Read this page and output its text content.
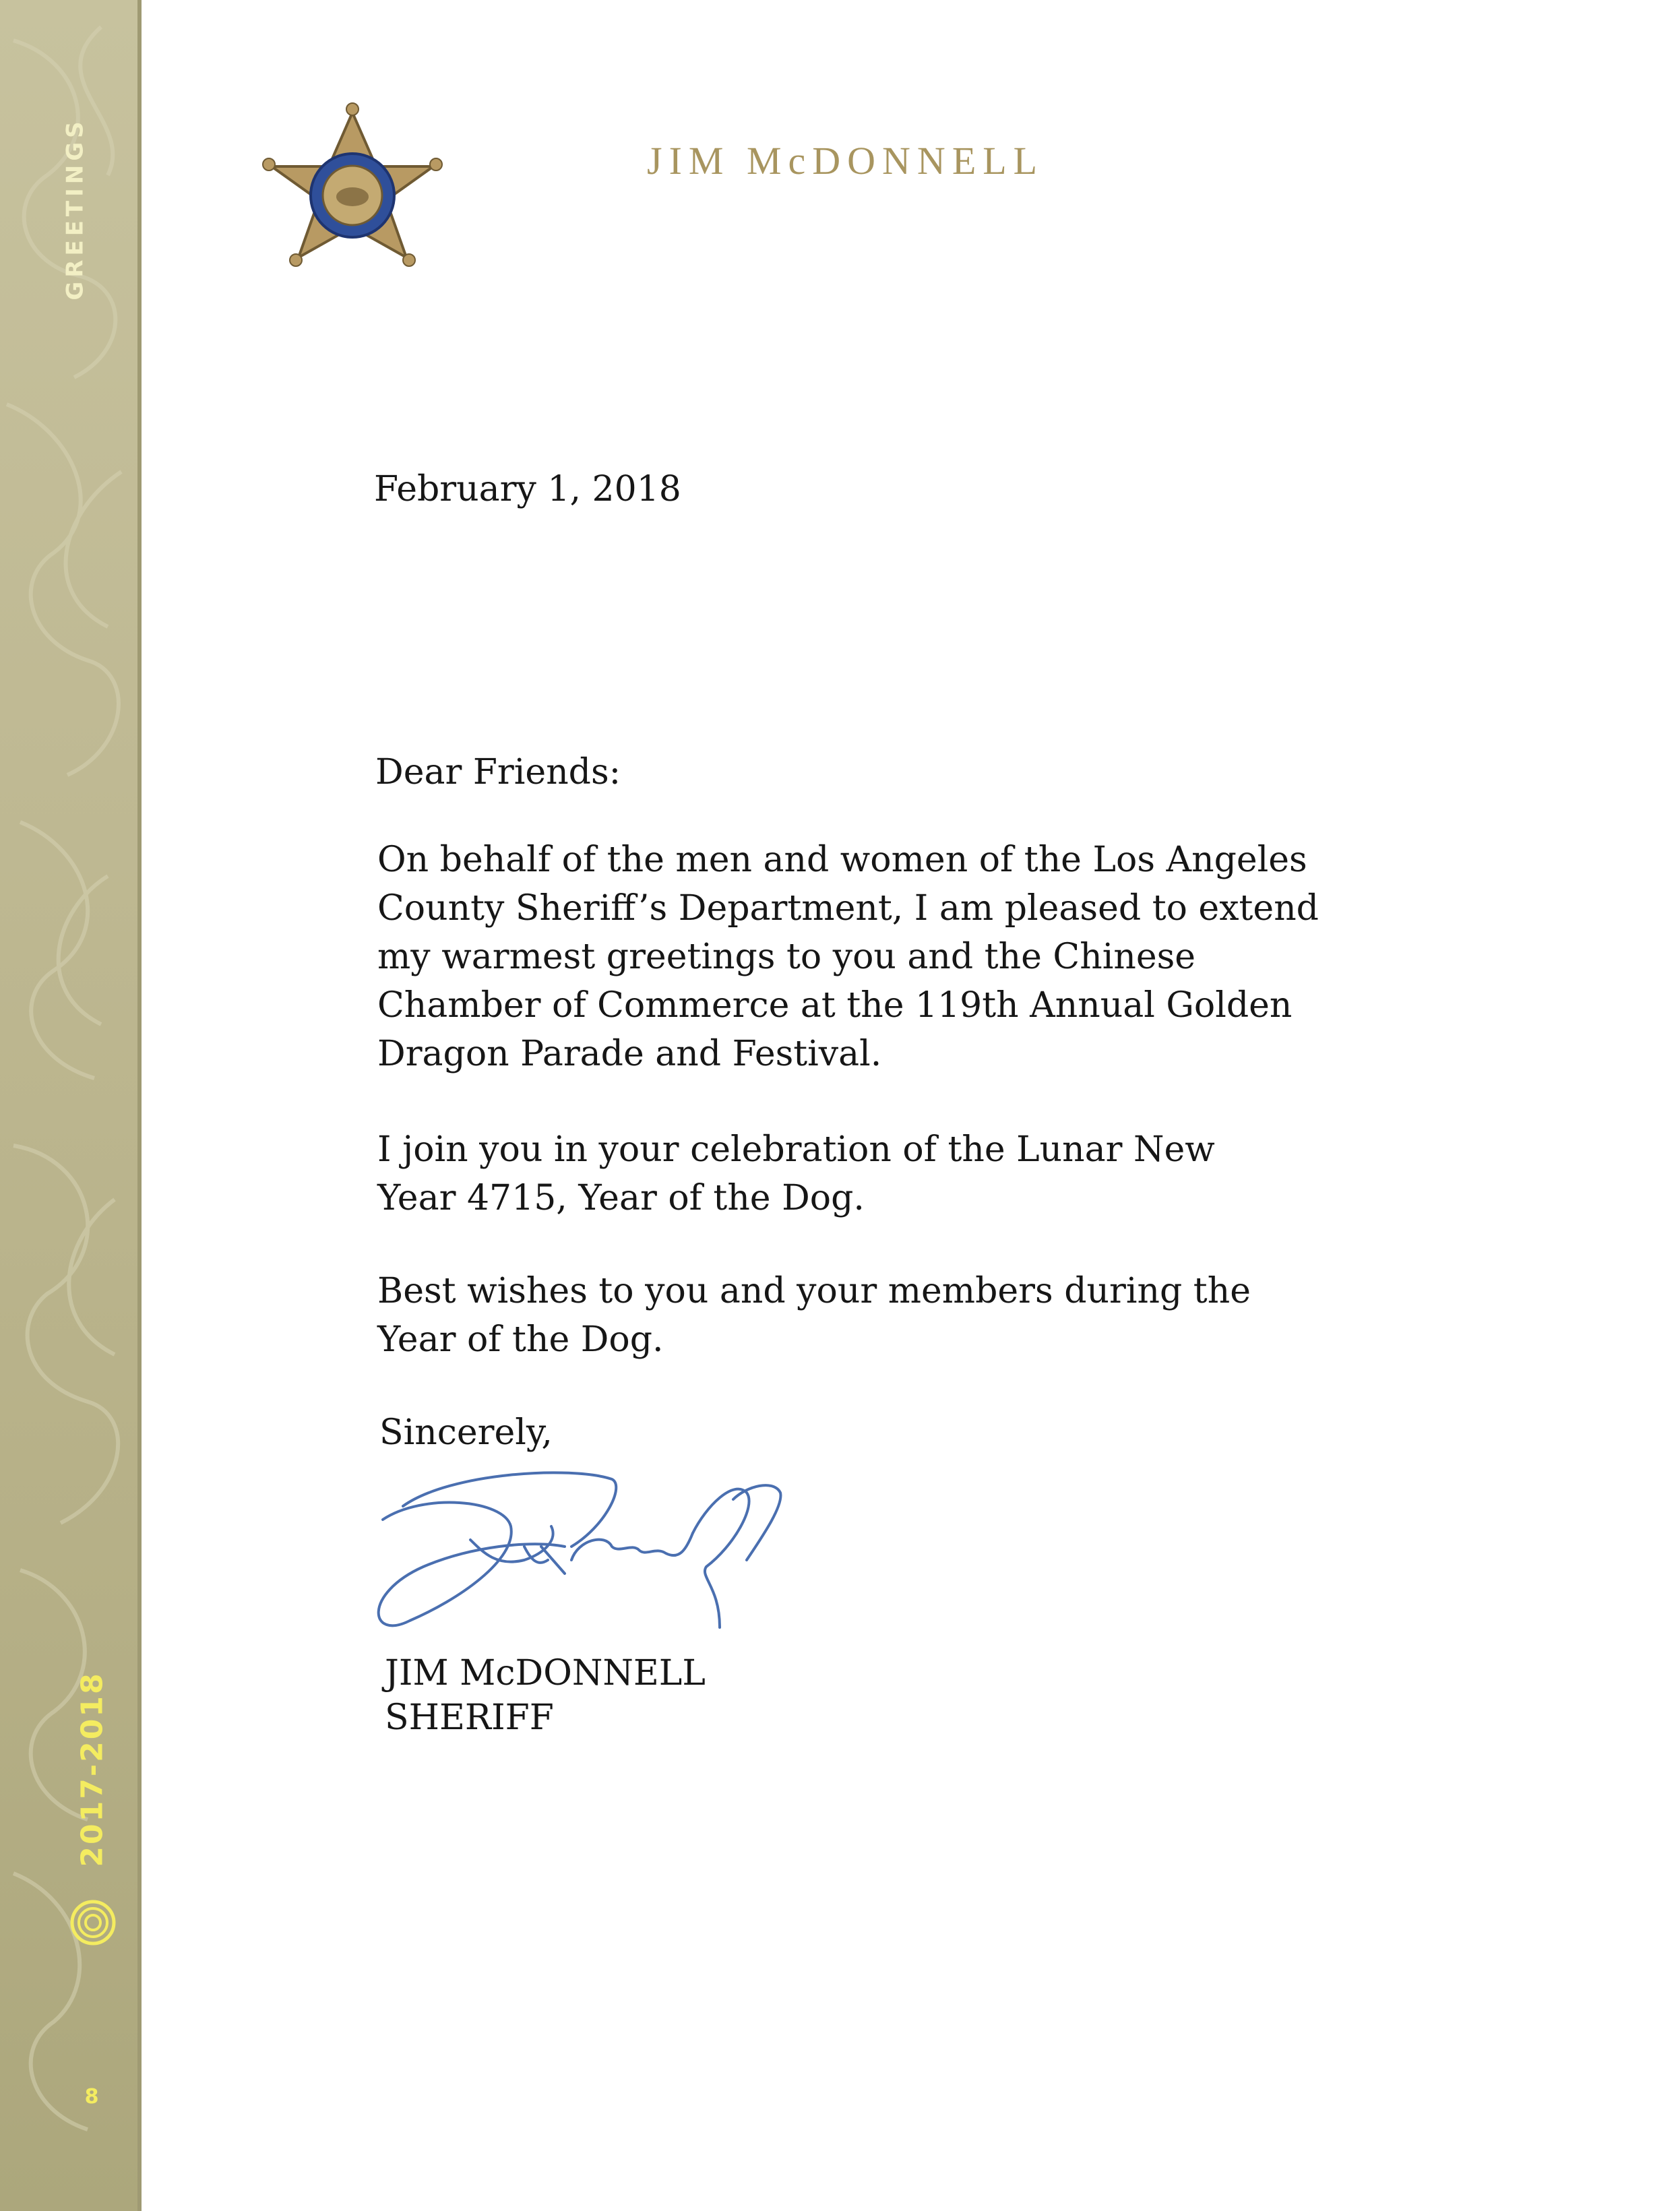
GREETINGS
2017-2018
8
JIM McDONNELL

February 1, 2018

Dear Friends:

On behalf of the men and women of the Los Angeles
County Sheriff’s Department, I am pleased to extend
my warmest greetings to you and the Chinese
Chamber of Commerce at the 119th Annual Golden
Dragon Parade and Festival.

I join you in your celebration of the Lunar New
Year 4715, Year of the Dog.

Best wishes to you and your members during the
Year of the Dog.

Sincerely,

JIM McDONNELL

SHERIFF
